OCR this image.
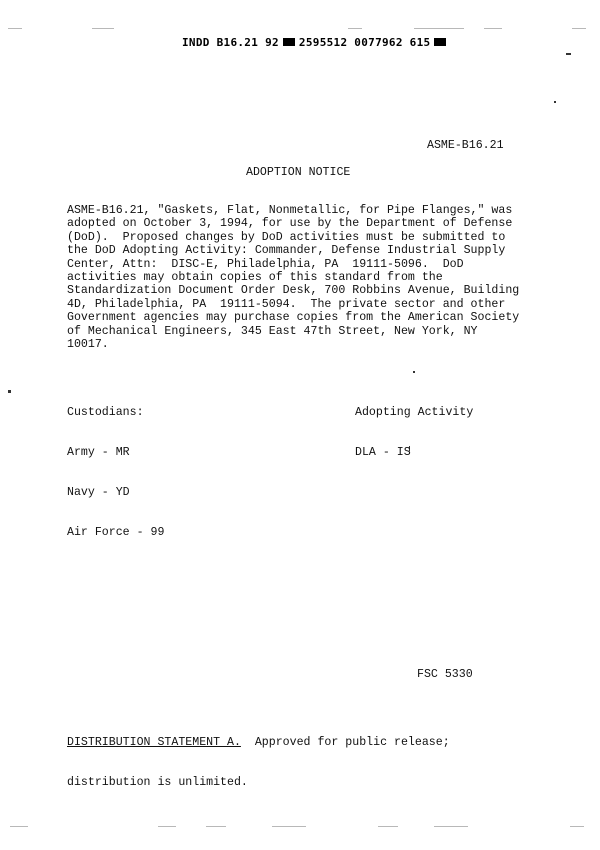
INDD B16.21 92 2595512 0077962 615
ASME-B16.21
ADOPTION NOTICE
ASME-B16.21, "Gaskets, Flat, Nonmetallic, for Pipe Flanges," was
adopted on October 3, 1994, for use by the Department of Defense
(DoD).  Proposed changes by DoD activities must be submitted to
the DoD Adopting Activity: Commander, Defense Industrial Supply
Center, Attn:  DISC-E, Philadelphia, PA  19111-5096.  DoD
activities may obtain copies of this standard from the
Standardization Document Order Desk, 700 Robbins Avenue, Building
4D, Philadelphia, PA  19111-5094.  The private sector and other
Government agencies may purchase copies from the American Society
of Mechanical Engineers, 345 East 47th Street, New York, NY
10017.

Custodians:

Army - MR

Navy - YD

Air Force - 99

Adopting Activity

DLA - IS

FSC 5330

DISTRIBUTION STATEMENT A.  Approved for public release;

distribution is unlimited.
